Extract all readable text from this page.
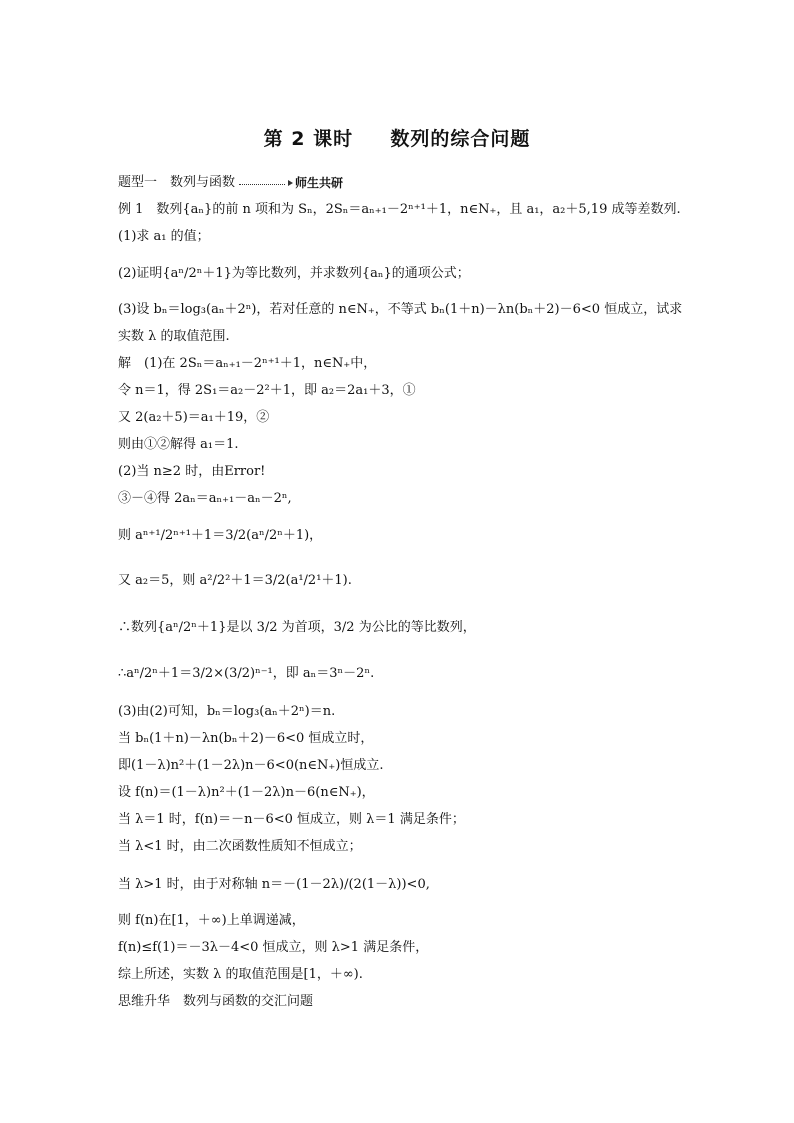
第 2 课时 数列的综合问题
题型一　数列与函数	师生共研
例 1　数列{aₙ}的前 n 项和为 Sₙ，2Sₙ＝aₙ₊₁－2ⁿ⁺¹＋1，n∈N₊，且 a₁，a₂＋5,19 成等差数列.
(1)求 a₁ 的值；
(2)证明{aⁿ/2ⁿ＋1}为等比数列，并求数列{aₙ}的通项公式；
(3)设 bₙ＝log₃(aₙ＋2ⁿ)，若对任意的 n∈N₊，不等式 bₙ(1＋n)－λn(bₙ＋2)－6<0 恒成立，试求
实数 λ 的取值范围.
解　(1)在 2Sₙ＝aₙ₊₁－2ⁿ⁺¹＋1，n∈N₊中，
令 n＝1，得 2S₁＝a₂－2²＋1，即 a₂＝2a₁＋3，①
又 2(a₂＋5)＝a₁＋19，②
则由①②解得 a₁＝1.
(2)当 n≥2 时，由Error!
③－④得 2aₙ＝aₙ₊₁－aₙ－2ⁿ,
则 aⁿ⁺¹/2ⁿ⁺¹＋1＝3/2(aⁿ/2ⁿ＋1)，
又 a₂＝5，则 a²/2²＋1＝3/2(a¹/2¹＋1).
∴数列{aⁿ/2ⁿ＋1}是以 3/2 为首项，3/2 为公比的等比数列，
∴aⁿ/2ⁿ＋1＝3/2×(3/2)ⁿ⁻¹，即 aₙ＝3ⁿ－2ⁿ.
(3)由(2)可知，bₙ＝log₃(aₙ＋2ⁿ)＝n.
当 bₙ(1＋n)－λn(bₙ＋2)－6<0 恒成立时，
即(1－λ)n²＋(1－2λ)n－6<0(n∈N₊)恒成立.
设 f(n)＝(1－λ)n²＋(1－2λ)n－6(n∈N₊)，
当 λ＝1 时，f(n)＝－n－6<0 恒成立，则 λ＝1 满足条件；
当 λ<1 时，由二次函数性质知不恒成立；
当 λ>1 时，由于对称轴 n＝－(1－2λ)/(2(1－λ))<0,
则 f(n)在[1，＋∞)上单调递减，
f(n)≤f(1)＝－3λ－4<0 恒成立，则 λ>1 满足条件，
综上所述，实数 λ 的取值范围是[1，＋∞).
思维升华　数列与函数的交汇问题
